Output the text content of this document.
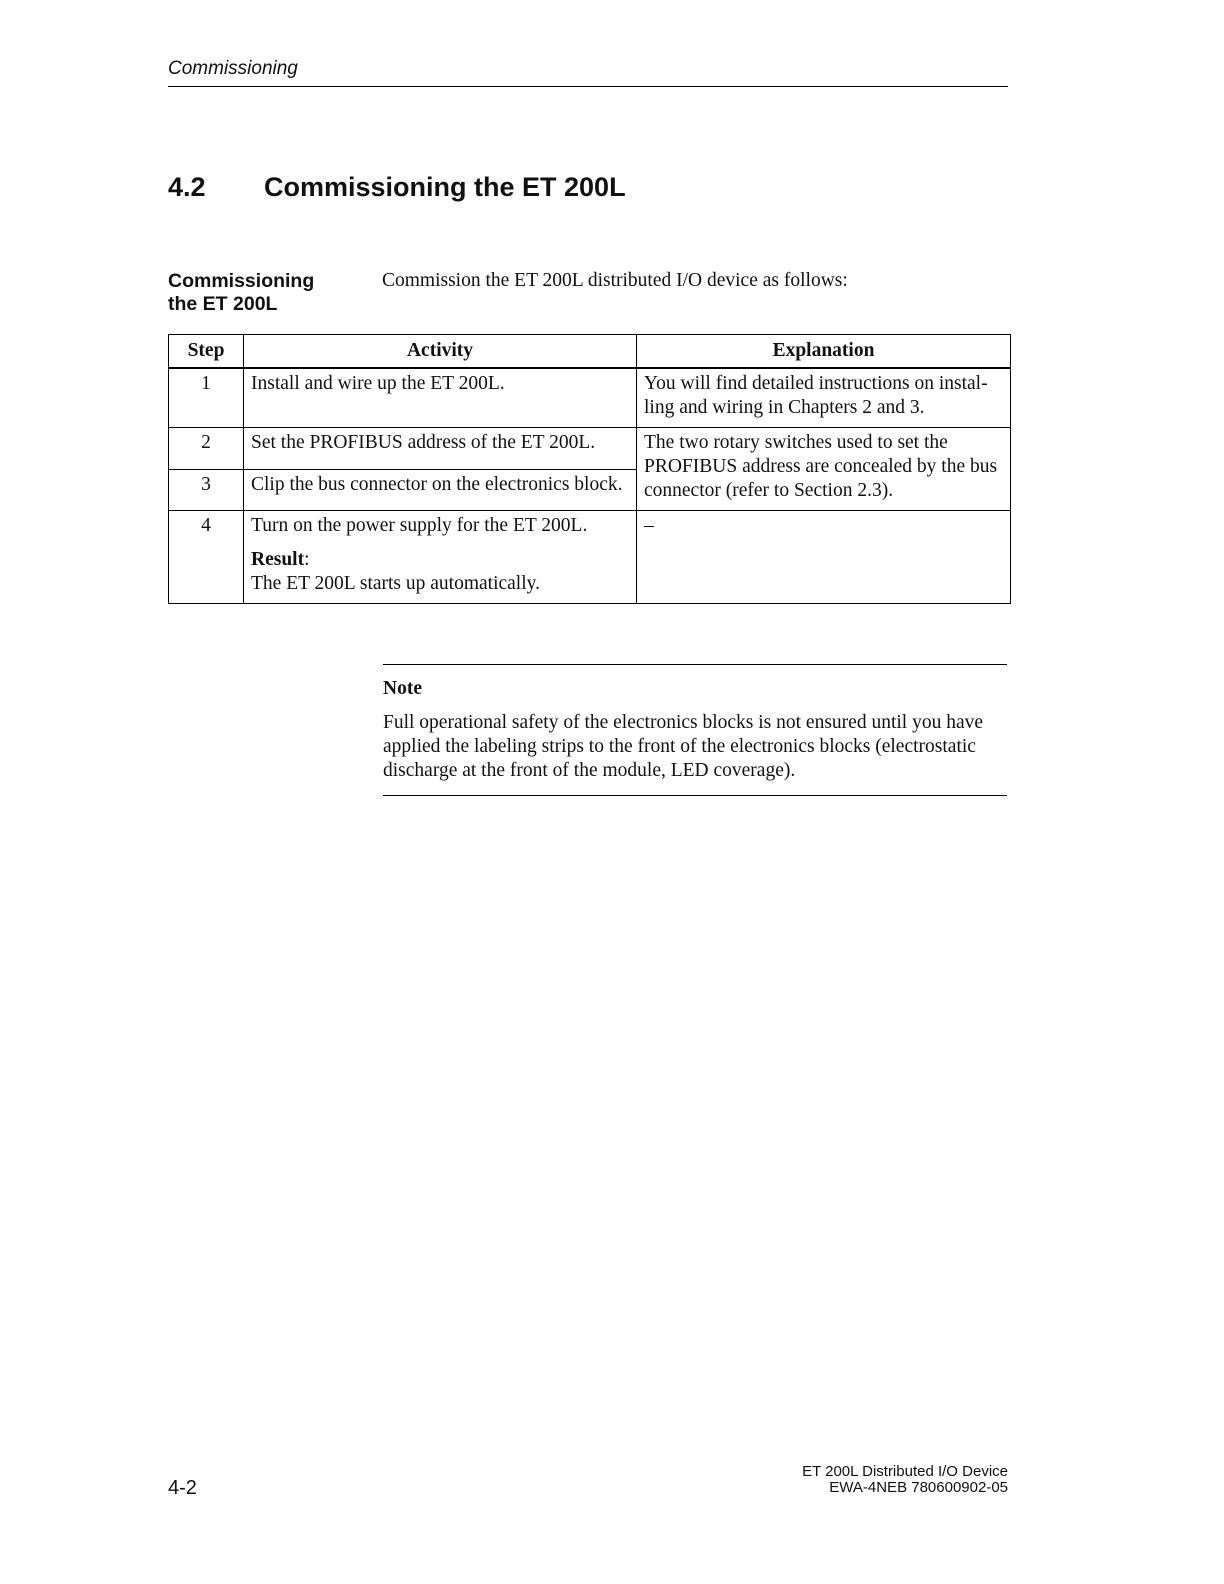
Commissioning
4.2 Commissioning the ET 200L
Commissioning
the ET 200L
Commission the ET 200L distributed I/O device as follows:
Step	Activity	Explanation
1	Install and wire up the ET 200L.	You will find detailed instructions on instal-ling and wiring in Chapters 2 and 3.
2	Set the PROFIBUS address of the ET 200L.	The two rotary switches used to set the PROFIBUS address are concealed by the bus connector (refer to Section 2.3).
3	Clip the bus connector on the electronics block.	
4	Turn on the power supply for the ET 200L.
Result:
The ET 200L starts up automatically.	–
Note
Full operational safety of the electronics blocks is not ensured until you have applied the labeling strips to the front of the electronics blocks (electrostatic discharge at the front of the module, LED coverage).
4-2
ET 200L Distributed I/O Device
EWA-4NEB 780600902-05
